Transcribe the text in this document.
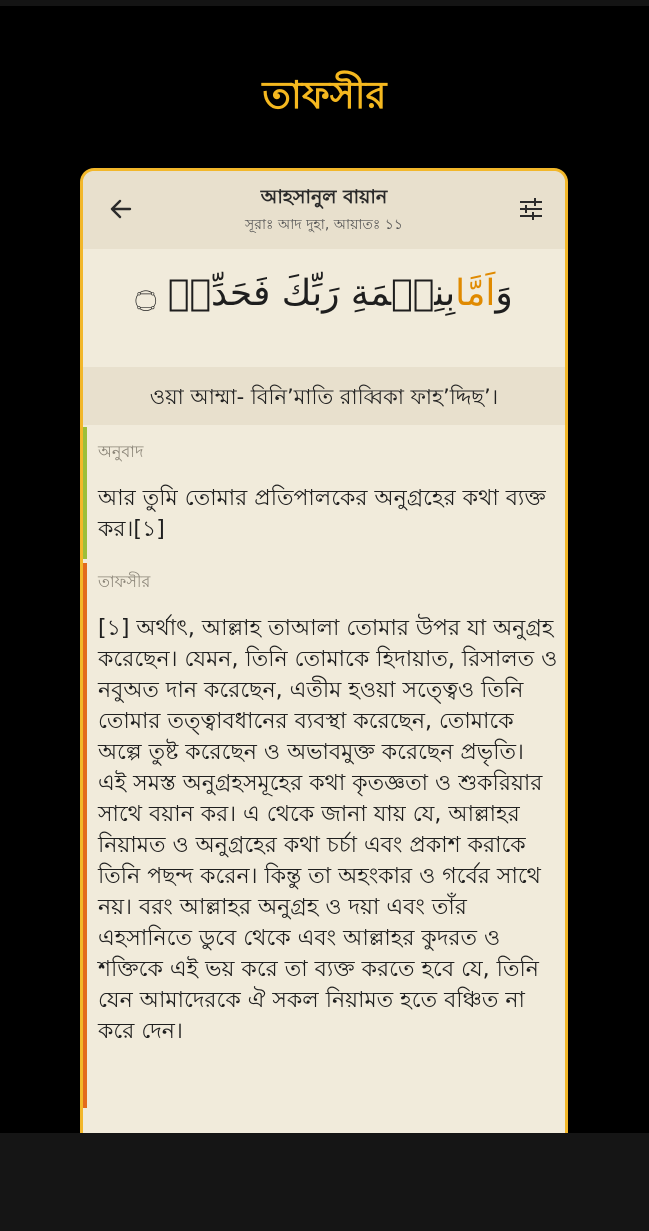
তাফসীর
আহসানুল বায়ান
সূরাঃ আদ দুহা, আয়াতঃ ১১
وَاَمَّابِنِعۡمَةِ رَبِّكَ فَحَدِّثۡ ۝
ওয়া আম্মা- বিনি’মাতি রাব্বিকা ফাহ’দ্দিছ’।
অনুবাদ
আর তুমি তোমার প্রতিপালকের অনুগ্রহের কথা ব্যক্ত কর।[১]
তাফসীর
[১] অর্থাৎ, আল্লাহ তাআলা তোমার উপর যা অনুগ্রহ করেছেন। যেমন, তিনি তোমাকে হিদায়াত, রিসালত ও নবুঅত দান করেছেন, এতীম হওয়া সত্ত্বেও তিনি তোমার তত্ত্বাবধানের ব্যবস্থা করেছেন, তোমাকে অল্পে তুষ্ট করেছেন ও অভাবমুক্ত করেছেন প্রভৃতি। এই সমস্ত অনুগ্রহসমূহের কথা কৃতজ্ঞতা ও শুকরিয়ার সাথে বয়ান কর। এ থেকে জানা যায় যে, আল্লাহর নিয়ামত ও অনুগ্রহের কথা চর্চা এবং প্রকাশ করাকে তিনি পছন্দ করেন। কিন্তু তা অহংকার ও গর্বের সাথে নয়। বরং আল্লাহর অনুগ্রহ ও দয়া এবং তাঁর এহসানিতে ডুবে থেকে এবং আল্লাহর কুদরত ও শক্তিকে এই ভয় করে তা ব্যক্ত করতে হবে যে, তিনি যেন আমাদেরকে ঐ সকল নিয়ামত হতে বঞ্চিত না করে দেন।
